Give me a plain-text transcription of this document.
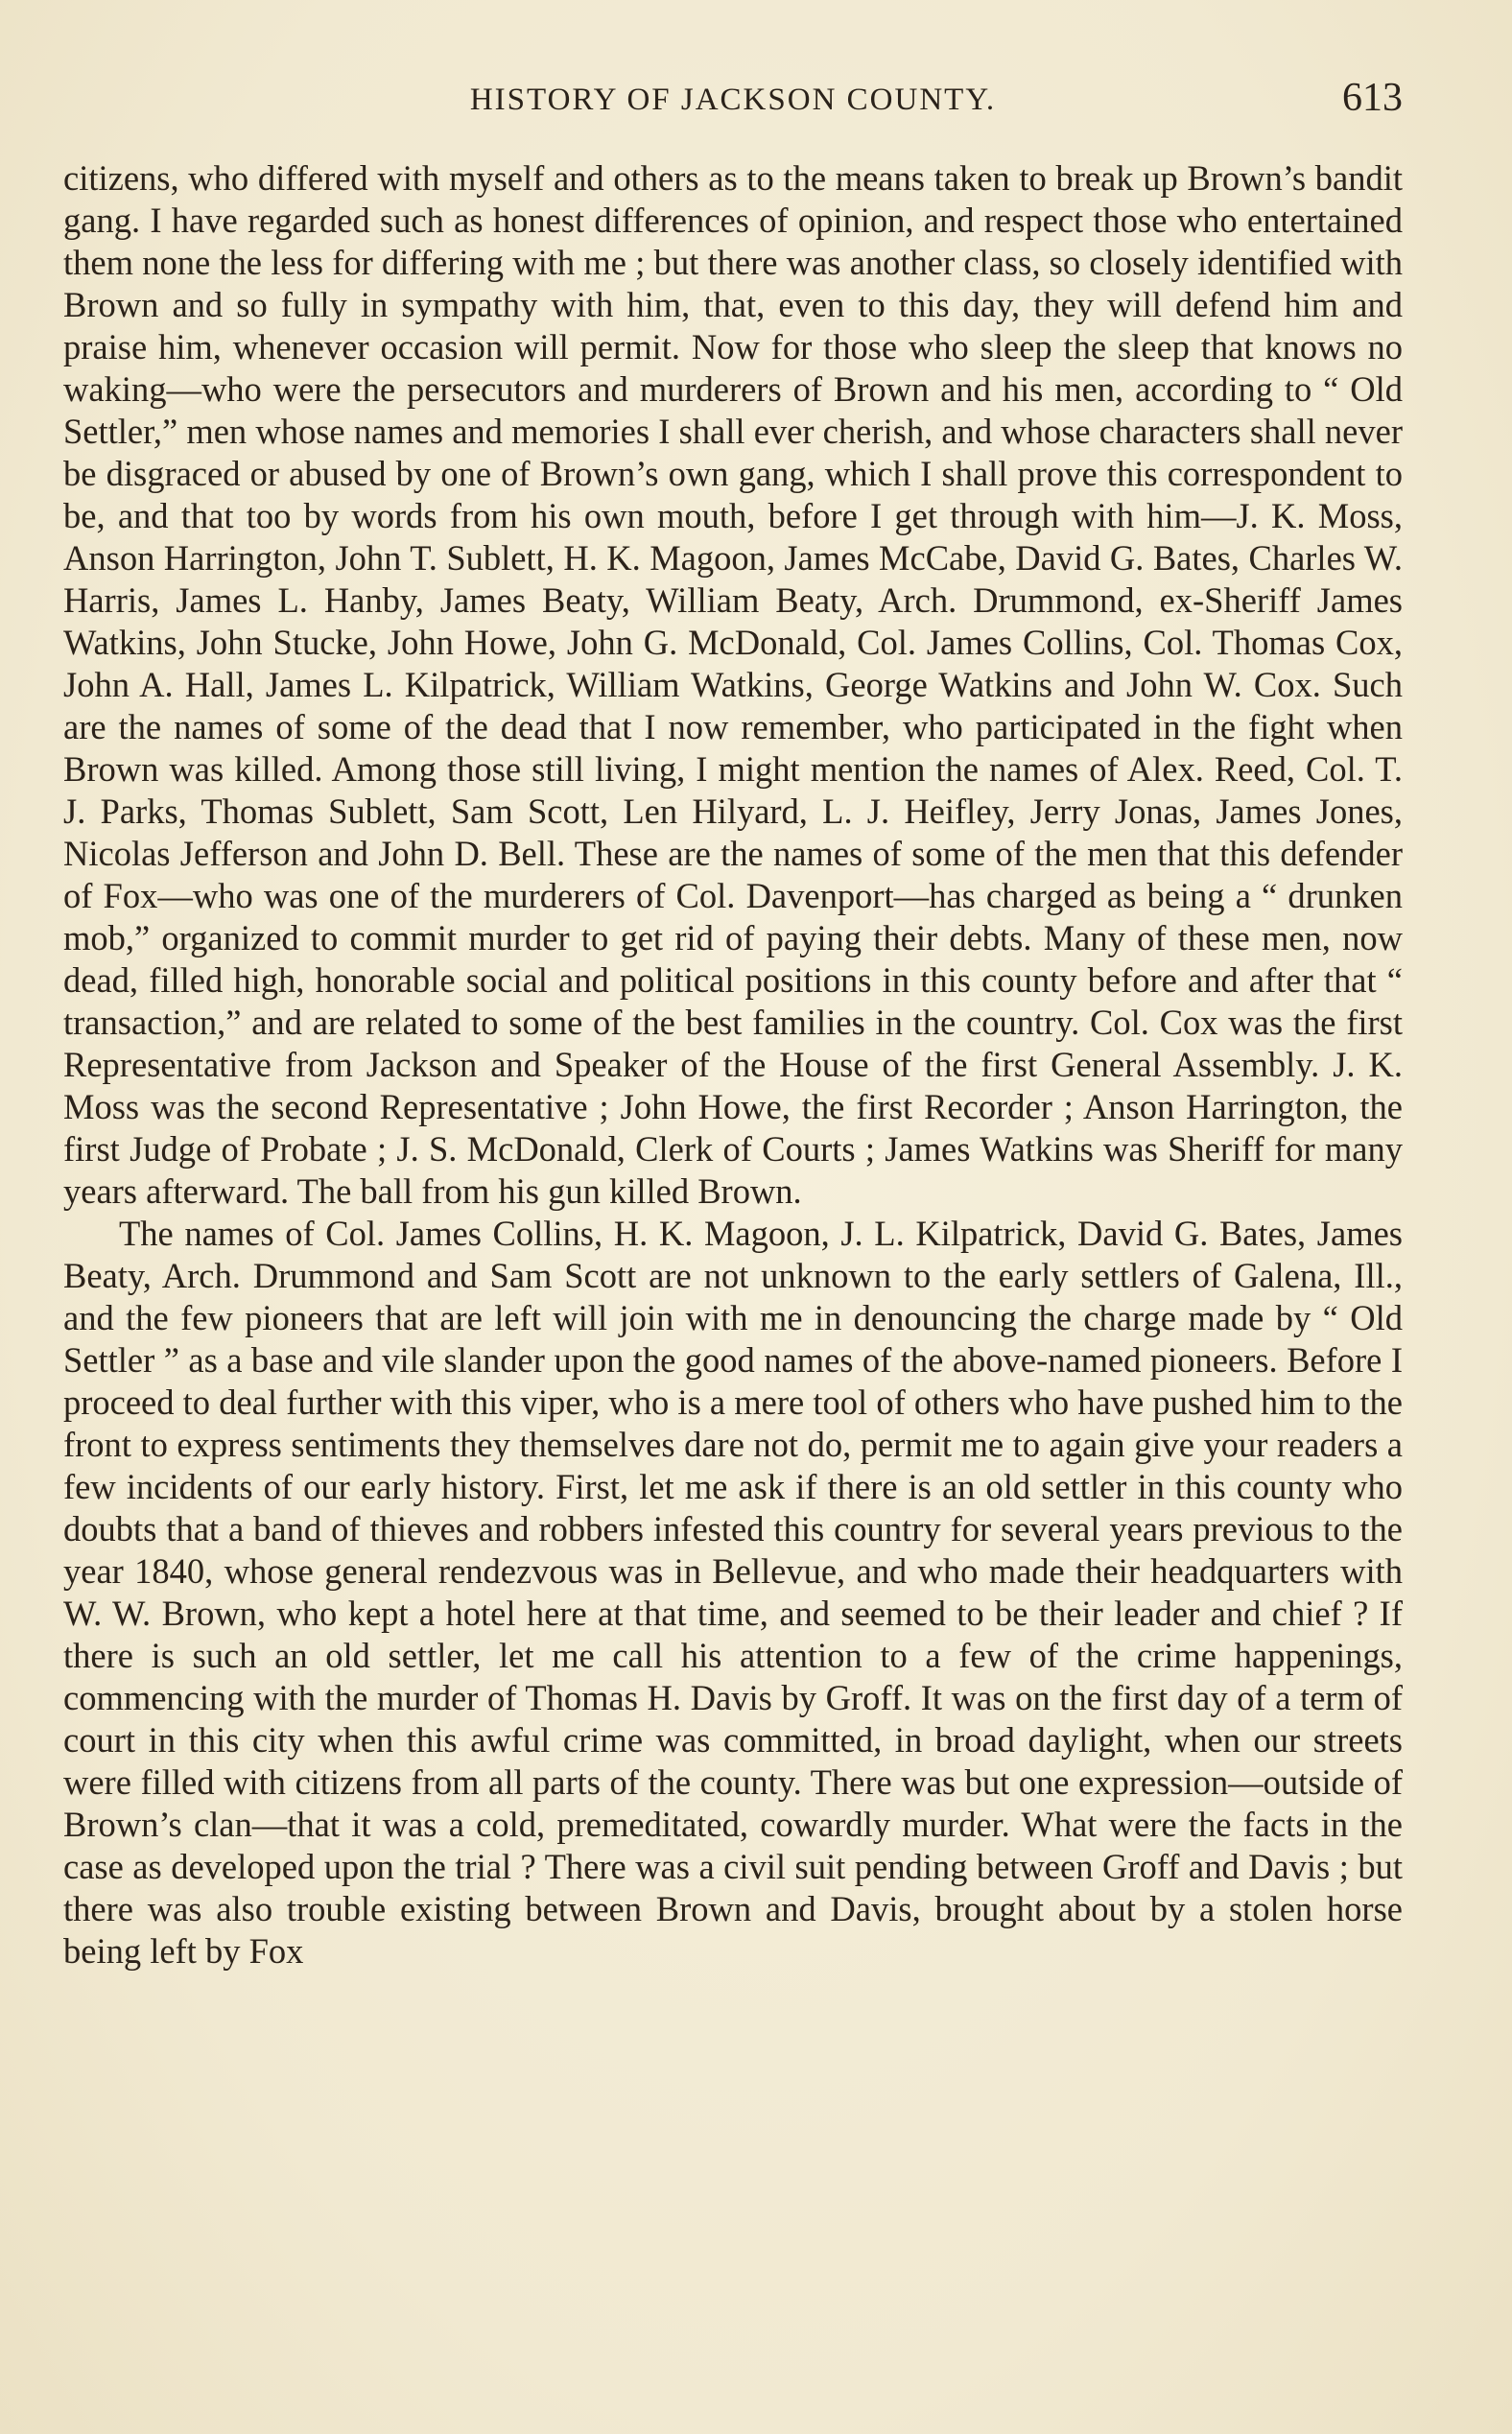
HISTORY OF JACKSON COUNTY.	613

citizens, who differed with myself and others as to the means taken to break up Brown’s bandit gang. I have regarded such as honest differences of opinion, and respect those who entertained them none the less for differing with me ; but there was another class, so closely identified with Brown and so fully in sympathy with him, that, even to this day, they will defend him and praise him, whenever occasion will permit. Now for those who sleep the sleep that knows no waking—who were the persecutors and murderers of Brown and his men, according to “ Old Settler,” men whose names and memories I shall ever cherish, and whose characters shall never be disgraced or abused by one of Brown’s own gang, which I shall prove this correspondent to be, and that too by words from his own mouth, before I get through with him—J. K. Moss, Anson Harrington, John T. Sublett, H. K. Magoon, James McCabe, David G. Bates, Charles W. Harris, James L. Hanby, James Beaty, William Beaty, Arch. Drummond, ex-Sheriff James Watkins, John Stucke, John Howe, John G. McDonald, Col. James Collins, Col. Thomas Cox, John A. Hall, James L. Kilpatrick, William Watkins, George Watkins and John W. Cox. Such are the names of some of the dead that I now remember, who participated in the fight when Brown was killed. Among those still living, I might mention the names of Alex. Reed, Col. T. J. Parks, Thomas Sublett, Sam Scott, Len Hilyard, L. J. Heifley, Jerry Jonas, James Jones, Nicolas Jefferson and John D. Bell. These are the names of some of the men that this defender of Fox—who was one of the murderers of Col. Davenport—has charged as being a “ drunken mob,” organized to commit murder to get rid of paying their debts. Many of these men, now dead, filled high, honorable social and political positions in this county before and after that “ transaction,” and are related to some of the best families in the country. Col. Cox was the first Representative from Jackson and Speaker of the House of the first General Assembly. J. K. Moss was the second Representative ; John Howe, the first Recorder ; Anson Harrington, the first Judge of Probate ; J. S. McDonald, Clerk of Courts ; James Watkins was Sheriff for many years afterward. The ball from his gun killed Brown.

The names of Col. James Collins, H. K. Magoon, J. L. Kilpatrick, David G. Bates, James Beaty, Arch. Drummond and Sam Scott are not unknown to the early settlers of Galena, Ill., and the few pioneers that are left will join with me in denouncing the charge made by “ Old Settler ” as a base and vile slander upon the good names of the above-named pioneers. Before I proceed to deal further with this viper, who is a mere tool of others who have pushed him to the front to express sentiments they themselves dare not do, permit me to again give your readers a few incidents of our early history. First, let me ask if there is an old settler in this county who doubts that a band of thieves and robbers infested this country for several years previous to the year 1840, whose general rendezvous was in Bellevue, and who made their headquarters with W. W. Brown, who kept a hotel here at that time, and seemed to be their leader and chief ? If there is such an old settler, let me call his attention to a few of the crime happenings, commencing with the murder of Thomas H. Davis by Groff. It was on the first day of a term of court in this city when this awful crime was committed, in broad daylight, when our streets were filled with citizens from all parts of the county. There was but one expression—outside of Brown’s clan—that it was a cold, premeditated, cowardly murder. What were the facts in the case as developed upon the trial ? There was a civil suit pending between Groff and Davis ; but there was also trouble existing between Brown and Davis, brought about by a stolen horse being left by Fox
